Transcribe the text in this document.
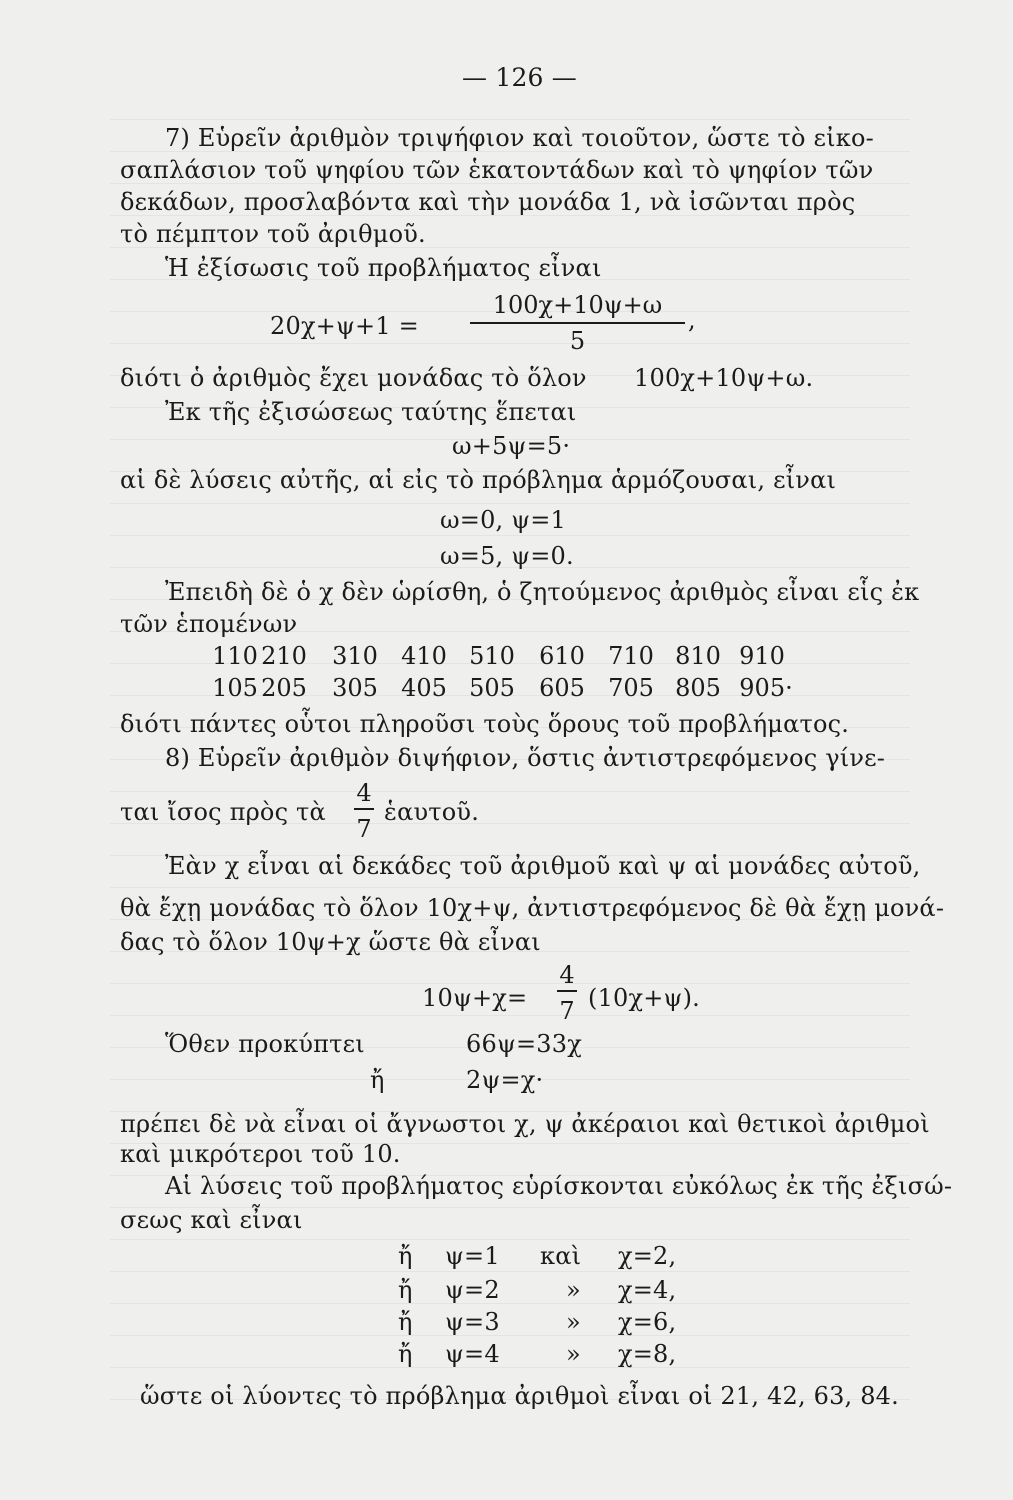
— 126 —
7) Εὑρεῖν ἀριθμὸν τριψήφιον καὶ τοιοῦτον, ὥστε τὸ εἰκο-
σαπλάσιον τοῦ ψηφίου τῶν ἑκατοντάδων καὶ τὸ ψηφίον τῶν
δεκάδων, προσλαβόντα καὶ τὴν μονάδα 1, νὰ ἰσῶνται πρὸς
τὸ πέμπτον τοῦ ἀριθμοῦ.
Ἡ ἐξίσωσις τοῦ προβλήματος εἶναι
20χ+ψ+1 =
100χ+10ψ+ω
5
,
διότι ὁ ἀριθμὸς ἔχει μονάδας τὸ ὅλον 100χ+10ψ+ω.
Ἐκ τῆς ἐξισώσεως ταύτης ἕπεται
ω+5ψ=5·
αἱ δὲ λύσεις αὐτῆς, αἱ εἰς τὸ πρόβλημα ἁρμόζουσαι, εἶναι
ω=0, ψ=1
ω=5, ψ=0.
Ἐπειδὴ δὲ ὁ χ δὲν ὡρίσθη, ὁ ζητούμενος ἀριθμὸς εἶναι εἷς ἐκ
τῶν ἑπομένων
110 210 310 410 510 610 710 810 910
105 205 305 405 505 605 705 805 905·
διότι πάντες οὗτοι πληροῦσι τοὺς ὅρους τοῦ προβλήματος.
8) Εὑρεῖν ἀριθμὸν διψήφιον, ὅστις ἀντιστρεφόμενος γίνε-
ται ἴσος πρὸς τὰ
4
7
ἑαυτοῦ.
Ἐὰν χ εἶναι αἱ δεκάδες τοῦ ἀριθμοῦ καὶ ψ αἱ μονάδες αὐτοῦ,
θὰ ἔχῃ μονάδας τὸ ὅλον 10χ+ψ, ἀντιστρεφόμενος δὲ θὰ ἔχῃ μονά-
δας τὸ ὅλον 10ψ+χ ὥστε θὰ εἶναι
10ψ+χ=
4
7 (10χ+ψ).
Ὅθεν προκύπτει	66ψ=33χ
ἤ	2ψ=χ·
πρέπει δὲ νὰ εἶναι οἱ ἄγνωστοι χ, ψ ἀκέραιοι καὶ θετικοὶ ἀριθμοὶ
καὶ μικρότεροι τοῦ 10.
Αἱ λύσεις τοῦ προβλήματος εὑρίσκονται εὐκόλως ἐκ τῆς ἐξισώ-
σεως καὶ εἶναι
ἤ ψ=1 καὶ χ=2,
ἤ ψ=2	» χ=4,
ἤ ψ=3	» χ=6,
ἤ ψ=4	» χ=8,
ὥστε οἱ λύοντες τὸ πρόβλημα ἀριθμοὶ εἶναι οἱ 21, 42, 63, 84.
